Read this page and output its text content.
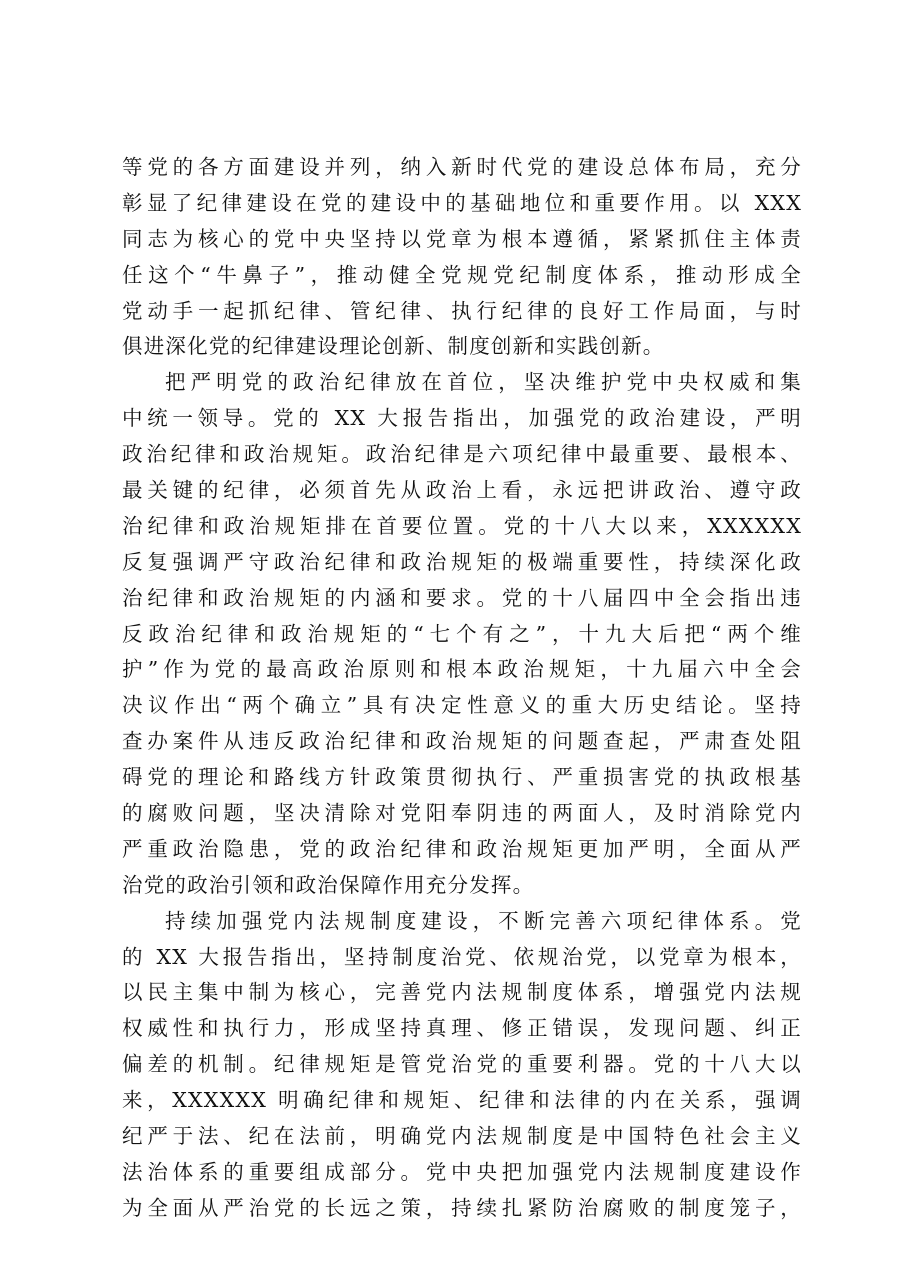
等党的各方面建设并列，纳入新时代党的建设总体布局，充分
彰显了纪律建设在党的建设中的基础地位和重要作用。以 XXX
同志为核心的党中央坚持以党章为根本遵循，紧紧抓住主体责
任这个“牛鼻子”，推动健全党规党纪制度体系，推动形成全
党动手一起抓纪律、管纪律、执行纪律的良好工作局面，与时
俱进深化党的纪律建设理论创新、制度创新和实践创新。
把严明党的政治纪律放在首位，坚决维护党中央权威和集
中统一领导。党的 XX 大报告指出，加强党的政治建设，严明
政治纪律和政治规矩。政治纪律是六项纪律中最重要、最根本、
最关键的纪律，必须首先从政治上看，永远把讲政治、遵守政
治纪律和政治规矩排在首要位置。党的十八大以来，XXXXXX
反复强调严守政治纪律和政治规矩的极端重要性，持续深化政
治纪律和政治规矩的内涵和要求。党的十八届四中全会指出违
反政治纪律和政治规矩的“七个有之”，十九大后把“两个维
护”作为党的最高政治原则和根本政治规矩，十九届六中全会
决议作出“两个确立”具有决定性意义的重大历史结论。坚持
查办案件从违反政治纪律和政治规矩的问题查起，严肃查处阻
碍党的理论和路线方针政策贯彻执行、严重损害党的执政根基
的腐败问题，坚决清除对党阳奉阴违的两面人，及时消除党内
严重政治隐患，党的政治纪律和政治规矩更加严明，全面从严
治党的政治引领和政治保障作用充分发挥。
持续加强党内法规制度建设，不断完善六项纪律体系。党
的 XX 大报告指出，坚持制度治党、依规治党，以党章为根本，
以民主集中制为核心，完善党内法规制度体系，增强党内法规
权威性和执行力，形成坚持真理、修正错误，发现问题、纠正
偏差的机制。纪律规矩是管党治党的重要利器。党的十八大以
来，XXXXXX 明确纪律和规矩、纪律和法律的内在关系，强调
纪严于法、纪在法前，明确党内法规制度是中国特色社会主义
法治体系的重要组成部分。党中央把加强党内法规制度建设作
为全面从严治党的长远之策，持续扎紧防治腐败的制度笼子，
